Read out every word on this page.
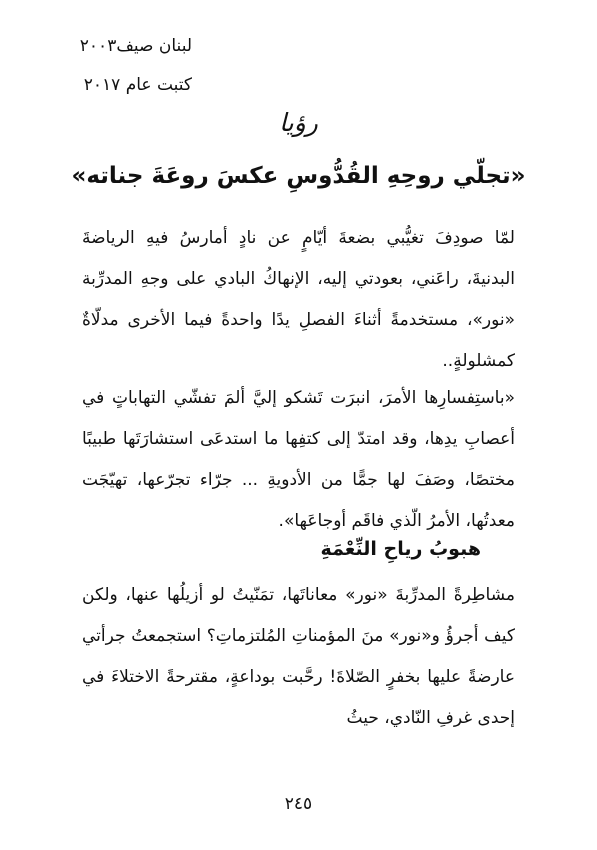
لبنان صيف٢٠٠٣
كتبت عام ٢٠١٧
رؤيا
«تجلّي روحِهِ القُدُّوسِ عكسَ روعَةَ جناته»

لمّا صودِفَ تغيُّبي بضعةَ أيّامٍ عن نادٍ أمارسُ فيهِ الرياضةَ البدنيةَ، راعَني، بعودتي إليه، الإنهاكُ البادي على وجهِ المدرِّبة «نور»، مستخدمةً أثناءَ الفصلِ يدًا واحدةً فيما الأخرى مدلّاةٌ كمشلولةٍ..

«باستِفسارِها الأمرَ، انبرَت تَشكو إليَّ ألمَ تفشّي التهاباتٍ في أعصابِ يدِها، وقد امتدّ إلى كتفِها ما استدعَى استشارَتَها طبيبًا مختصًا، وصَفَ لها جمًّا من الأدويةِ ... جرّاء تجرّعها، تهيّجَت معدتُها، الأمرُ الّذي فاقَم أوجاعَها».

هبوبُ رياحِ النِّعْمَةِ

مشاطِرةً المدرِّبةَ «نور» معاناتَها، تمَنّيتُ لو أزيلُها عنها، ولكن كيف أجرؤُ و«نور» منَ المؤمناتِ المُلتزماتِ؟ استجمعتُ جرأتي عارضةً عليها بخفرٍ الصّلاةَ! رحَّبت بوداعةٍ، مقترحةً الاختلاءَ في إحدى غرفِ النّادي، حيثُ

٢٤٥
